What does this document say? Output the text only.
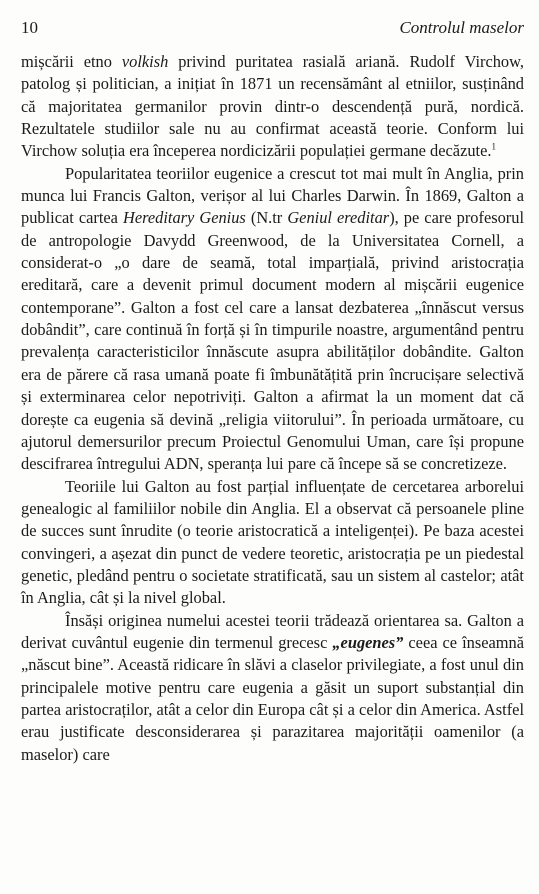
10	Controlul maselor

mișcării etno volkish privind puritatea rasială ariană. Rudolf Virchow, patolog și politician, a inițiat în 1871 un recensământ al etniilor, susținând că majoritatea germanilor provin dintr-o descendență pură, nordică. Rezultatele studiilor sale nu au confirmat această teorie. Conform lui Virchow soluția era începerea nordicizării populației germane decăzute.$^1$

Popularitatea teoriilor eugenice a crescut tot mai mult în Anglia, prin munca lui Francis Galton, verișor al lui Charles Darwin. În 1869, Galton a publicat cartea Hereditary Genius (N.tr Geniul ereditar), pe care profesorul de antropologie Davydd Greenwood, de la Universitatea Cornell, a considerat-o „o dare de seamă, total imparțială, privind aristocrația ereditară, care a devenit primul document modern al mișcării eugenice contemporane”. Galton a fost cel care a lansat dezbaterea „înnăscut versus dobândit”, care continuă în forță și în timpurile noastre, argumentând pentru prevalența caracteristicilor înnăscute asupra abilităților dobândite. Galton era de părere că rasa umană poate fi îmbunătățită prin încrucișare selectivă și exterminarea celor nepotriviți. Galton a afirmat la un moment dat că dorește ca eugenia să devină „religia viitorului”. În perioada următoare, cu ajutorul demersurilor precum Proiectul Genomului Uman, care își propune descifrarea întregului ADN, speranța lui pare că începe să se concretizeze.

Teoriile lui Galton au fost parțial influențate de cercetarea arborelui genealogic al familiilor nobile din Anglia. El a observat că persoanele pline de succes sunt înrudite (o teorie aristocratică a inteligenței). Pe baza acestei convingeri, a așezat din punct de vedere teoretic, aristocrația pe un piedestal genetic, pledând pentru o societate stratificată, sau un sistem al castelor; atât în Anglia, cât și la nivel global.

Însăși originea numelui acestei teorii trădează orientarea sa. Galton a derivat cuvântul eugenie din termenul grecesc „eugenes” ceea ce înseamnă „născut bine”. Această ridicare în slăvi a claselor privilegiate, a fost unul din principalele motive pentru care eugenia a găsit un suport substanțial din partea aristocraților, atât a celor din Europa cât și a celor din America. Astfel erau justificate desconsiderarea și parazitarea majorității oamenilor (a maselor) care
